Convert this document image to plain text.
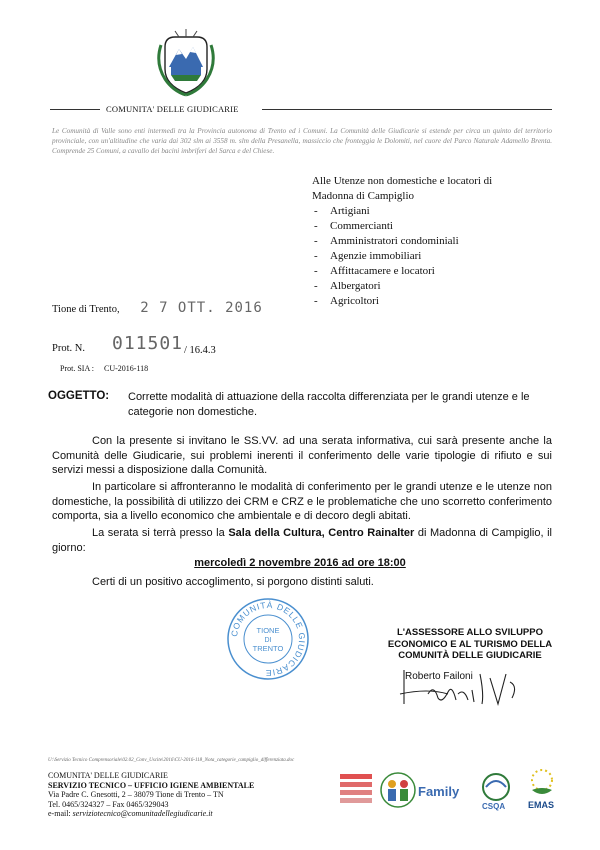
COMUNITA' DELLE GIUDICARIE
Le Comunità di Valle sono enti intermedi tra la Provincia autonoma di Trento ed i Comuni. La Comunità delle Giudicarie si estende per circa un quinto del territorio provinciale, con un'altitudine che varia dai 302 slm ai 3558 m. slm della Presanella, massiccio che fronteggia le Dolomiti, nel cuore del Parco Naturale Adamello Brenta. Comprende 25 Comuni, a cavallo dei bacini imbriferi del Sarca e del Chiese.
Alle Utenze non domestiche e locatori di
Madonna di Campiglio
- Artigiani
- Commercianti
- Amministratori condominiali
- Agenzie immobiliari
- Affittacamere e locatori
- Albergatori
- Agricoltori
Tione di Trento, 2 7 OTT. 2016
Prot. N. 011501 / 16.4.3
Prot. SIA : CU-2016-118
OGGETTO: Corrette modalità di attuazione della raccolta differenziata per le grandi utenze e le categorie non domestiche.
Con la presente si invitano le SS.VV. ad una serata informativa, cui sarà presente anche la Comunità delle Giudicarie, sui problemi inerenti il conferimento delle varie tipologie di rifiuto e sui servizi messi a disposizione dalla Comunità.
In particolare si affronteranno le modalità di conferimento per le grandi utenze e le utenze non domestiche, la possibilità di utilizzo dei CRM e CRZ e le problematiche che uno scorretto conferimento comporta, sia a livello economico che ambientale e di decoro degli abitati.
La serata si terrà presso la Sala della Cultura, Centro Rainalter di Madonna di Campiglio, il giorno:
mercoledì 2 novembre 2016 ad ore 18:00
Certi di un positivo accoglimento, si porgono distinti saluti.
COMUNITÀ DELLE GIUDICARIE
TIONE
DI
TRENTO
L'ASSESSORE ALLO SVILUPPO
ECONOMICO E AL TURISMO DELLA
COMUNITÀ DELLE GIUDICARIE
Roberto Failoni
U:\Servizio Tecnico Comprensoriale\02.02_Conv_Uscite\2016\CU-2016-118_Nota_categorie_campiglio_differenziata.doc
COMUNITA' DELLE GIUDICARIE
SERVIZIO TECNICO – UFFICIO IGIENE AMBIENTALE
Via Padre C. Gnesotti, 2 – 38079 Tione di Trento – TN
Tel. 0465/324327 – Fax 0465/329043
e-mail: serviziotecnico@comunitadellegiudicarie.it
Family
CSQA	EMAS
